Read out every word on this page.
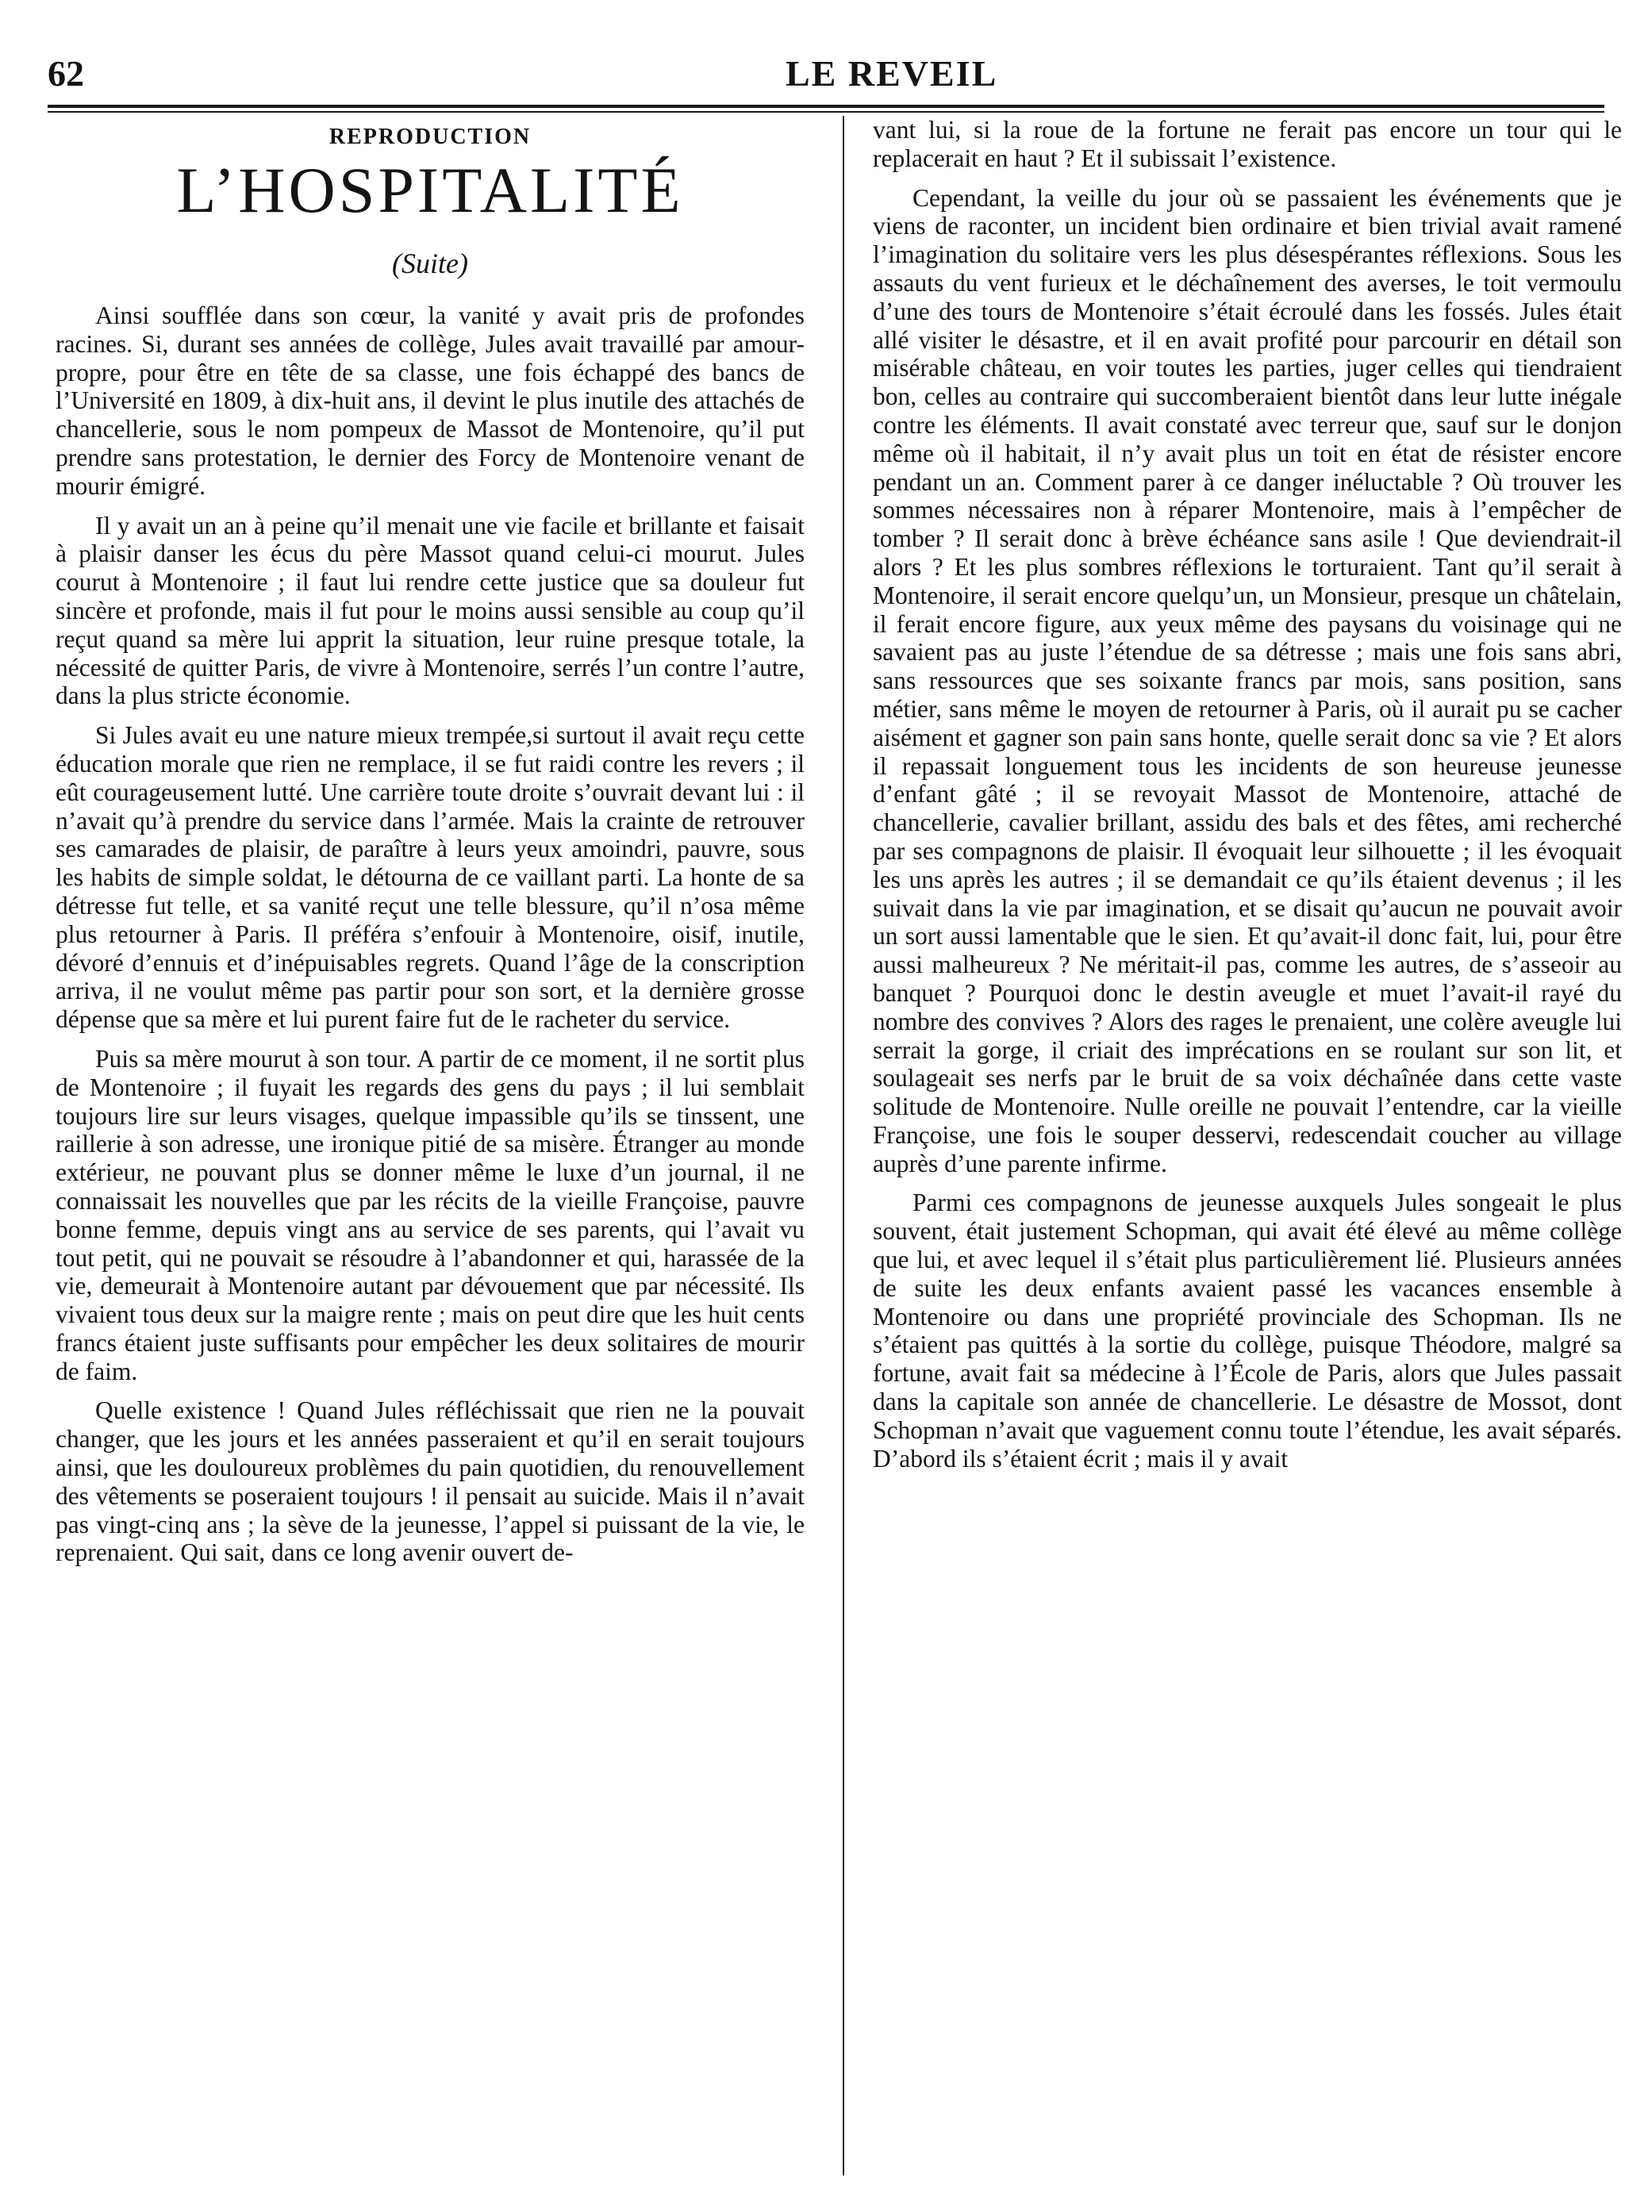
62	LE REVEIL
REPRODUCTION
L’HOSPITALITÉ
(Suite)

Ainsi soufflée dans son cœur, la vanité y avait pris de profondes racines. Si, durant ses années de collège, Jules avait travaillé par amour-propre, pour être en tête de sa classe, une fois échappé des bancs de l’Université en 1809, à dix-huit ans, il devint le plus inutile des attachés de chancellerie, sous le nom pompeux de Massot de Montenoire, qu’il put prendre sans protestation, le dernier des Forcy de Montenoire venant de mourir émigré.

Il y avait un an à peine qu’il menait une vie facile et brillante et faisait à plaisir danser les écus du père Massot quand celui-ci mourut. Jules courut à Montenoire ; il faut lui rendre cette justice que sa douleur fut sincère et profonde, mais il fut pour le moins aussi sensible au coup qu’il reçut quand sa mère lui apprit la situation, leur ruine presque totale, la nécessité de quitter Paris, de vivre à Montenoire, serrés l’un contre l’autre, dans la plus stricte économie.

Si Jules avait eu une nature mieux trempée,si surtout il avait reçu cette éducation morale que rien ne remplace, il se fut raidi contre les revers ; il eût courageusement lutté. Une carrière toute droite s’ouvrait devant lui : il n’avait qu’à prendre du service dans l’armée. Mais la crainte de retrouver ses camarades de plaisir, de paraître à leurs yeux amoindri, pauvre, sous les habits de simple soldat, le détourna de ce vaillant parti. La honte de sa détresse fut telle, et sa vanité reçut une telle blessure, qu’il n’osa même plus retourner à Paris. Il préféra s’enfouir à Montenoire, oisif, inutile, dévoré d’ennuis et d’inépuisables regrets. Quand l’âge de la conscription arriva, il ne voulut même pas partir pour son sort, et la dernière grosse dépense que sa mère et lui purent faire fut de le racheter du service.

Puis sa mère mourut à son tour. A partir de ce moment, il ne sortit plus de Montenoire ; il fuyait les regards des gens du pays ; il lui semblait toujours lire sur leurs visages, quelque impassible qu’ils se tinssent, une raillerie à son adresse, une ironique pitié de sa misère. Étranger au monde extérieur, ne pouvant plus se donner même le luxe d’un journal, il ne connaissait les nouvelles que par les récits de la vieille Françoise, pauvre bonne femme, depuis vingt ans au service de ses parents, qui l’avait vu tout petit, qui ne pouvait se résoudre à l’abandonner et qui, harassée de la vie, demeurait à Montenoire autant par dévouement que par nécessité. Ils vivaient tous deux sur la maigre rente ; mais on peut dire que les huit cents francs étaient juste suffisants pour empêcher les deux solitaires de mourir de faim.

Quelle existence ! Quand Jules réfléchissait que rien ne la pouvait changer, que les jours et les années passeraient et qu’il en serait toujours ainsi, que les douloureux problèmes du pain quotidien, du renouvellement des vêtements se poseraient toujours ! il pensait au suicide. Mais il n’avait pas vingt-cinq ans ; la sève de la jeunesse, l’appel si puissant de la vie, le reprenaient. Qui sait, dans ce long avenir ouvert de-

vant lui, si la roue de la fortune ne ferait pas encore un tour qui le replacerait en haut ? Et il subissait l’existence.

Cependant, la veille du jour où se passaient les événements que je viens de raconter, un incident bien ordinaire et bien trivial avait ramené l’imagination du solitaire vers les plus désespérantes réflexions. Sous les assauts du vent furieux et le déchaînement des averses, le toit vermoulu d’une des tours de Montenoire s’était écroulé dans les fossés. Jules était allé visiter le désastre, et il en avait profité pour parcourir en détail son misérable château, en voir toutes les parties, juger celles qui tiendraient bon, celles au contraire qui succomberaient bientôt dans leur lutte inégale contre les éléments. Il avait constaté avec terreur que, sauf sur le donjon même où il habitait, il n’y avait plus un toit en état de résister encore pendant un an. Comment parer à ce danger inéluctable ? Où trouver les sommes nécessaires non à réparer Montenoire, mais à l’empêcher de tomber ? Il serait donc à brève échéance sans asile ! Que deviendrait-il alors ? Et les plus sombres réflexions le torturaient. Tant qu’il serait à Montenoire, il serait encore quelqu’un, un Monsieur, presque un châtelain, il ferait encore figure, aux yeux même des paysans du voisinage qui ne savaient pas au juste l’étendue de sa détresse ; mais une fois sans abri, sans ressources que ses soixante francs par mois, sans position, sans métier, sans même le moyen de retourner à Paris, où il aurait pu se cacher aisément et gagner son pain sans honte, quelle serait donc sa vie ? Et alors il repassait longuement tous les incidents de son heureuse jeunesse d’enfant gâté ; il se revoyait Massot de Montenoire, attaché de chancellerie, cavalier brillant, assidu des bals et des fêtes, ami recherché par ses compagnons de plaisir. Il évoquait leur silhouette ; il les évoquait les uns après les autres ; il se demandait ce qu’ils étaient devenus ; il les suivait dans la vie par imagination, et se disait qu’aucun ne pouvait avoir un sort aussi lamentable que le sien. Et qu’avait-il donc fait, lui, pour être aussi malheureux ? Ne méritait-il pas, comme les autres, de s’asseoir au banquet ? Pourquoi donc le destin aveugle et muet l’avait-il rayé du nombre des convives ? Alors des rages le prenaient, une colère aveugle lui serrait la gorge, il criait des imprécations en se roulant sur son lit, et soulageait ses nerfs par le bruit de sa voix déchaînée dans cette vaste solitude de Montenoire. Nulle oreille ne pouvait l’entendre, car la vieille Françoise, une fois le souper desservi, redescendait coucher au village auprès d’une parente infirme.

Parmi ces compagnons de jeunesse auxquels Jules songeait le plus souvent, était justement Schopman, qui avait été élevé au même collège que lui, et avec lequel il s’était plus particulièrement lié. Plusieurs années de suite les deux enfants avaient passé les vacances ensemble à Montenoire ou dans une propriété provinciale des Schopman. Ils ne s’étaient pas quittés à la sortie du collège, puisque Théodore, malgré sa fortune, avait fait sa médecine à l’École de Paris, alors que Jules passait dans la capitale son année de chancellerie. Le désastre de Mossot, dont Schopman n’avait que vaguement connu toute l’étendue, les avait séparés. D’abord ils s’étaient écrit ; mais il y avait
